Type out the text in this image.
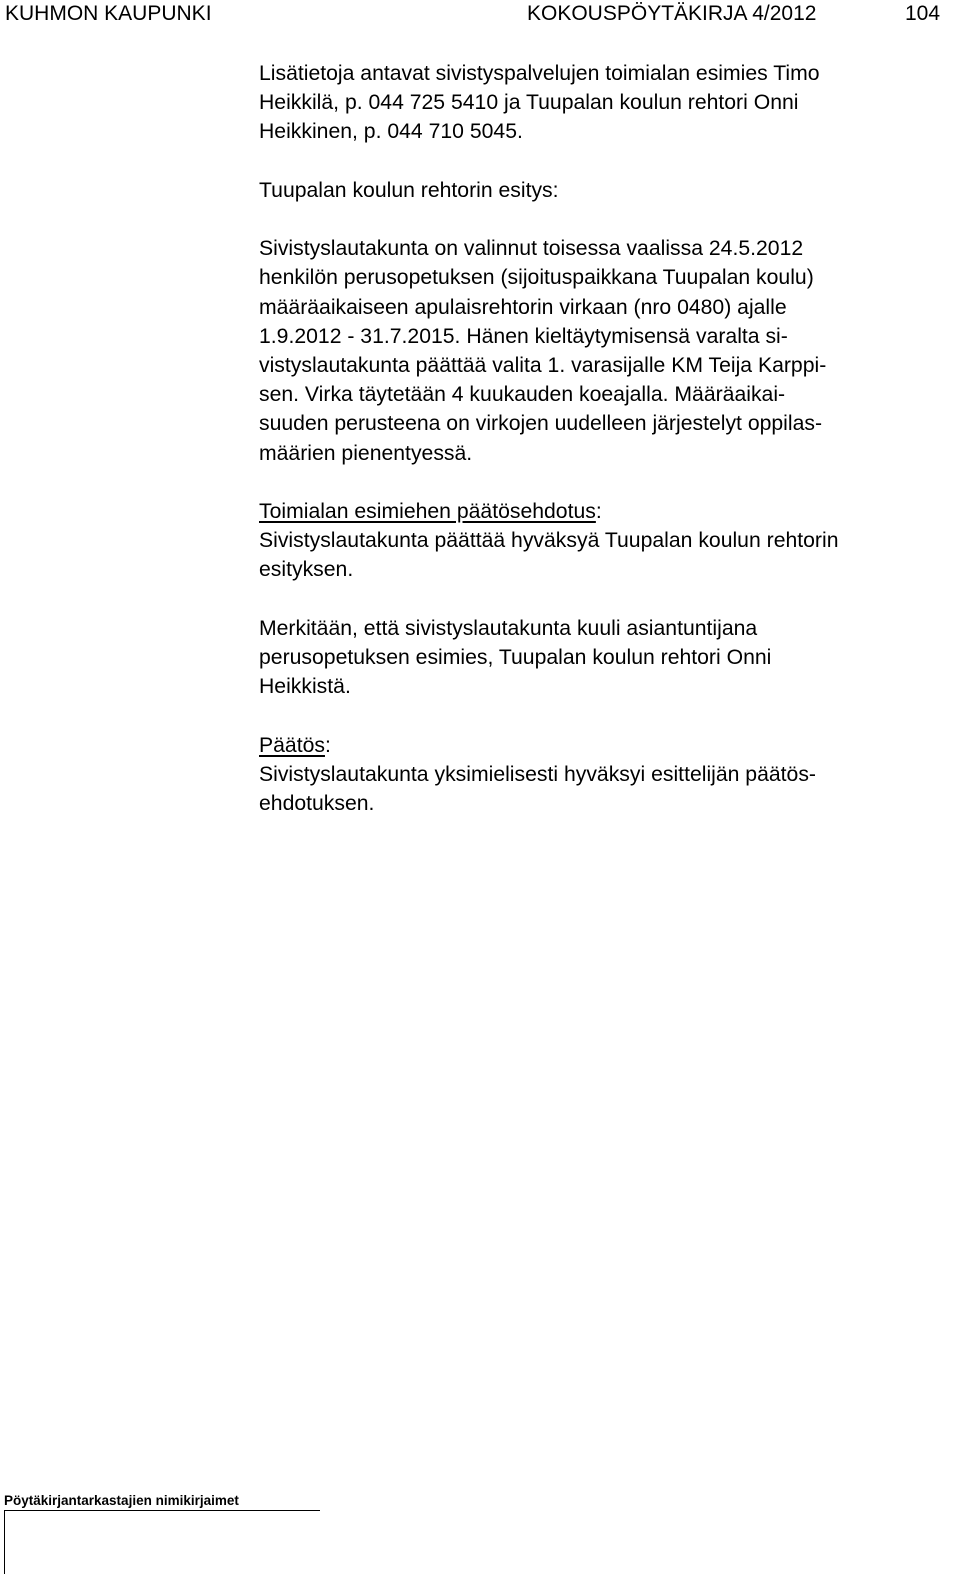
KUHMON KAUPUNKI	KOKOUSPÖYTÄKIRJA 4/2012	104

Lisätietoja antavat sivistyspalvelujen toimialan esimies Timo
Heikkilä, p. 044 725 5410 ja Tuupalan koulun rehtori Onni
Heikkinen, p. 044 710 5045.

Tuupalan koulun rehtorin esitys:

Sivistyslautakunta on valinnut toisessa vaalissa 24.5.2012
henkilön perusopetuksen (sijoituspaikkana Tuupalan koulu)
määräaikaiseen apulaisrehtorin virkaan (nro 0480) ajalle
1.9.2012 - 31.7.2015. Hänen kieltäytymisensä varalta si-
vistyslautakunta päättää valita 1. varasijalle KM Teija Karppi-
sen. Virka täytetään 4 kuukauden koeajalla. Määräaikai-
suuden perusteena on virkojen uudelleen järjestelyt oppilas-
määrien pienentyessä.

Toimialan esimiehen päätösehdotus:
Sivistyslautakunta päättää hyväksyä Tuupalan koulun rehtorin
esityksen.

Merkitään, että sivistyslautakunta kuuli asiantuntijana
perusopetuksen esimies, Tuupalan koulun rehtori Onni
Heikkistä.

Päätös:
Sivistyslautakunta yksimielisesti hyväksyi esittelijän päätös-
ehdotuksen.

Pöytäkirjantarkastajien nimikirjaimet
